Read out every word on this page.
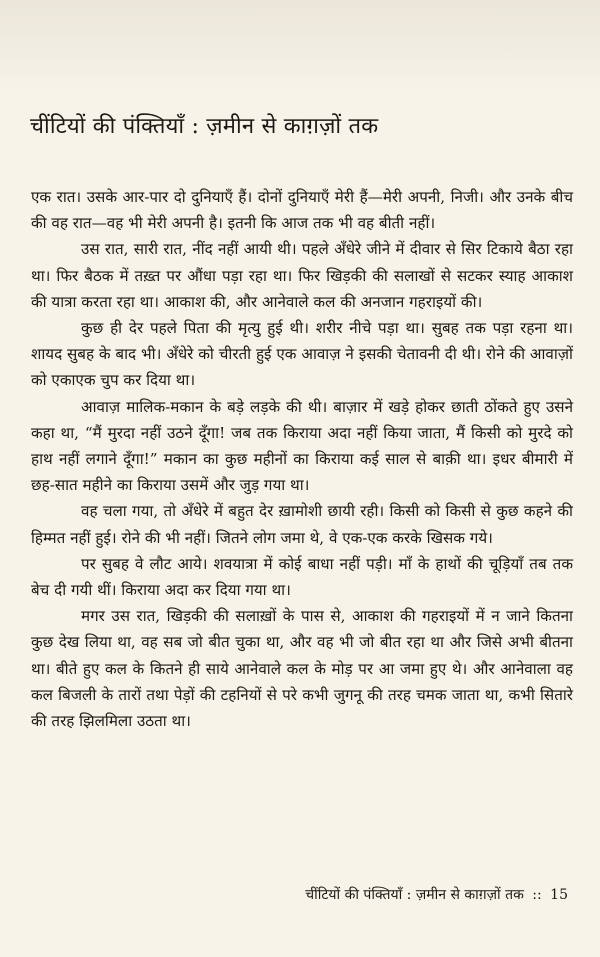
चींटियों की पंक्तियाँ : ज़मीन से काग़ज़ों तक

एक रात। उसके आर-पार दो दुनियाएँ हैं। दोनों दुनियाएँ मेरी हैं—मेरी अपनी, निजी। और उनके बीच की वह रात—वह भी मेरी अपनी है। इतनी कि आज तक भी वह बीती नहीं।

उस रात, सारी रात, नींद नहीं आयी थी। पहले अँधेरे जीने में दीवार से सिर टिकाये बैठा रहा था। फिर बैठक में तख़्त पर औंधा पड़ा रहा था। फिर खिड़की की सलाखों से सटकर स्याह आकाश की यात्रा करता रहा था। आकाश की, और आनेवाले कल की अनजान गहराइयों की।

कुछ ही देर पहले पिता की मृत्यु हुई थी। शरीर नीचे पड़ा था। सुबह तक पड़ा रहना था। शायद सुबह के बाद भी। अँधेरे को चीरती हुई एक आवाज़ ने इसकी चेतावनी दी थी। रोने की आवाज़ों को एकाएक चुप कर दिया था।

आवाज़ मालिक-मकान के बड़े लड़के की थी। बाज़ार में खड़े होकर छाती ठोंकते हुए उसने कहा था, “मैं मुरदा नहीं उठने दूँगा! जब तक किराया अदा नहीं किया जाता, मैं किसी को मुरदे को हाथ नहीं लगाने दूँगा!” मकान का कुछ महीनों का किराया कई साल से बाक़ी था। इधर बीमारी में छह-सात महीने का किराया उसमें और जुड़ गया था।

वह चला गया, तो अँधेरे में बहुत देर ख़ामोशी छायी रही। किसी को किसी से कुछ कहने की हिम्मत नहीं हुई। रोने की भी नहीं। जितने लोग जमा थे, वे एक-एक करके खिसक गये।

पर सुबह वे लौट आये। शवयात्रा में कोई बाधा नहीं पड़ी। माँ के हाथों की चूड़ियाँ तब तक बेच दी गयी थीं। किराया अदा कर दिया गया था।

मगर उस रात, खिड़की की सलाख़ों के पास से, आकाश की गहराइयों में न जाने कितना कुछ देख लिया था, वह सब जो बीत चुका था, और वह भी जो बीत रहा था और जिसे अभी बीतना था। बीते हुए कल के कितने ही साये आनेवाले कल के मोड़ पर आ जमा हुए थे। और आनेवाला वह कल बिजली के तारों तथा पेड़ों की टहनियों से परे कभी जुगनू की तरह चमक जाता था, कभी सितारे की तरह झिलमिला उठता था।

चींटियों की पंक्तियाँ : ज़मीन से काग़ज़ों तक :: 15
